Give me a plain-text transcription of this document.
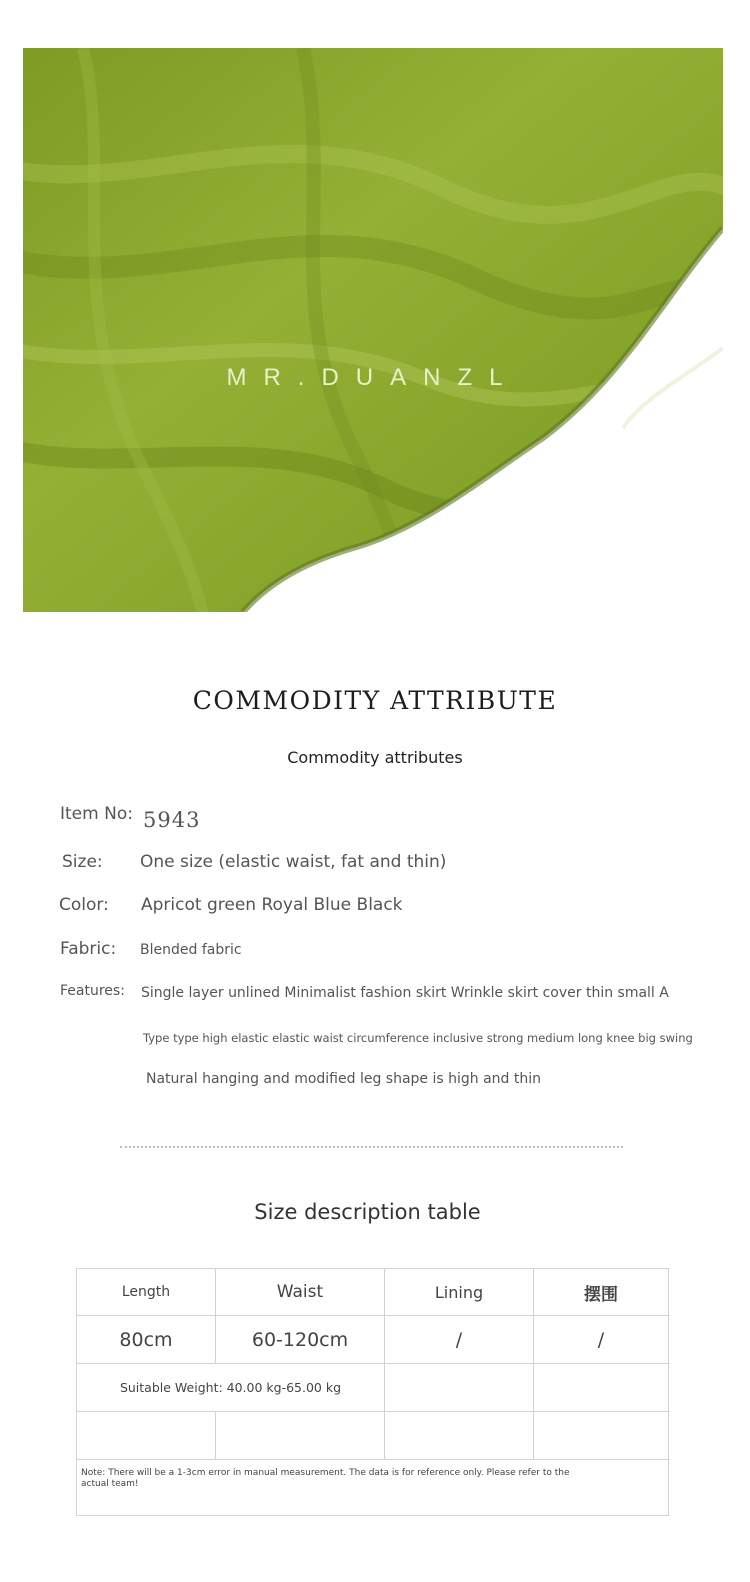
MR.DUANZL
COMMODITY ATTRIBUTE
Commodity attributes
Item No: 5943
Size: One size (elastic waist, fat and thin)
Color: Apricot green Royal Blue Black
Fabric: Blended fabric
Features: Single layer unlined Minimalist fashion skirt Wrinkle skirt cover thin small A
Type type high elastic elastic waist circumference inclusive strong medium long knee big swing
Natural hanging and modified leg shape is high and thin
Size description table
Length	Waist	Lining	摆围
80cm	60-120cm	/	/
Suitable Weight: 40.00 kg-65.00 kg			

Note: There will be a 1-3cm error in manual measurement. The data is for reference only. Please refer to the actual team!			
